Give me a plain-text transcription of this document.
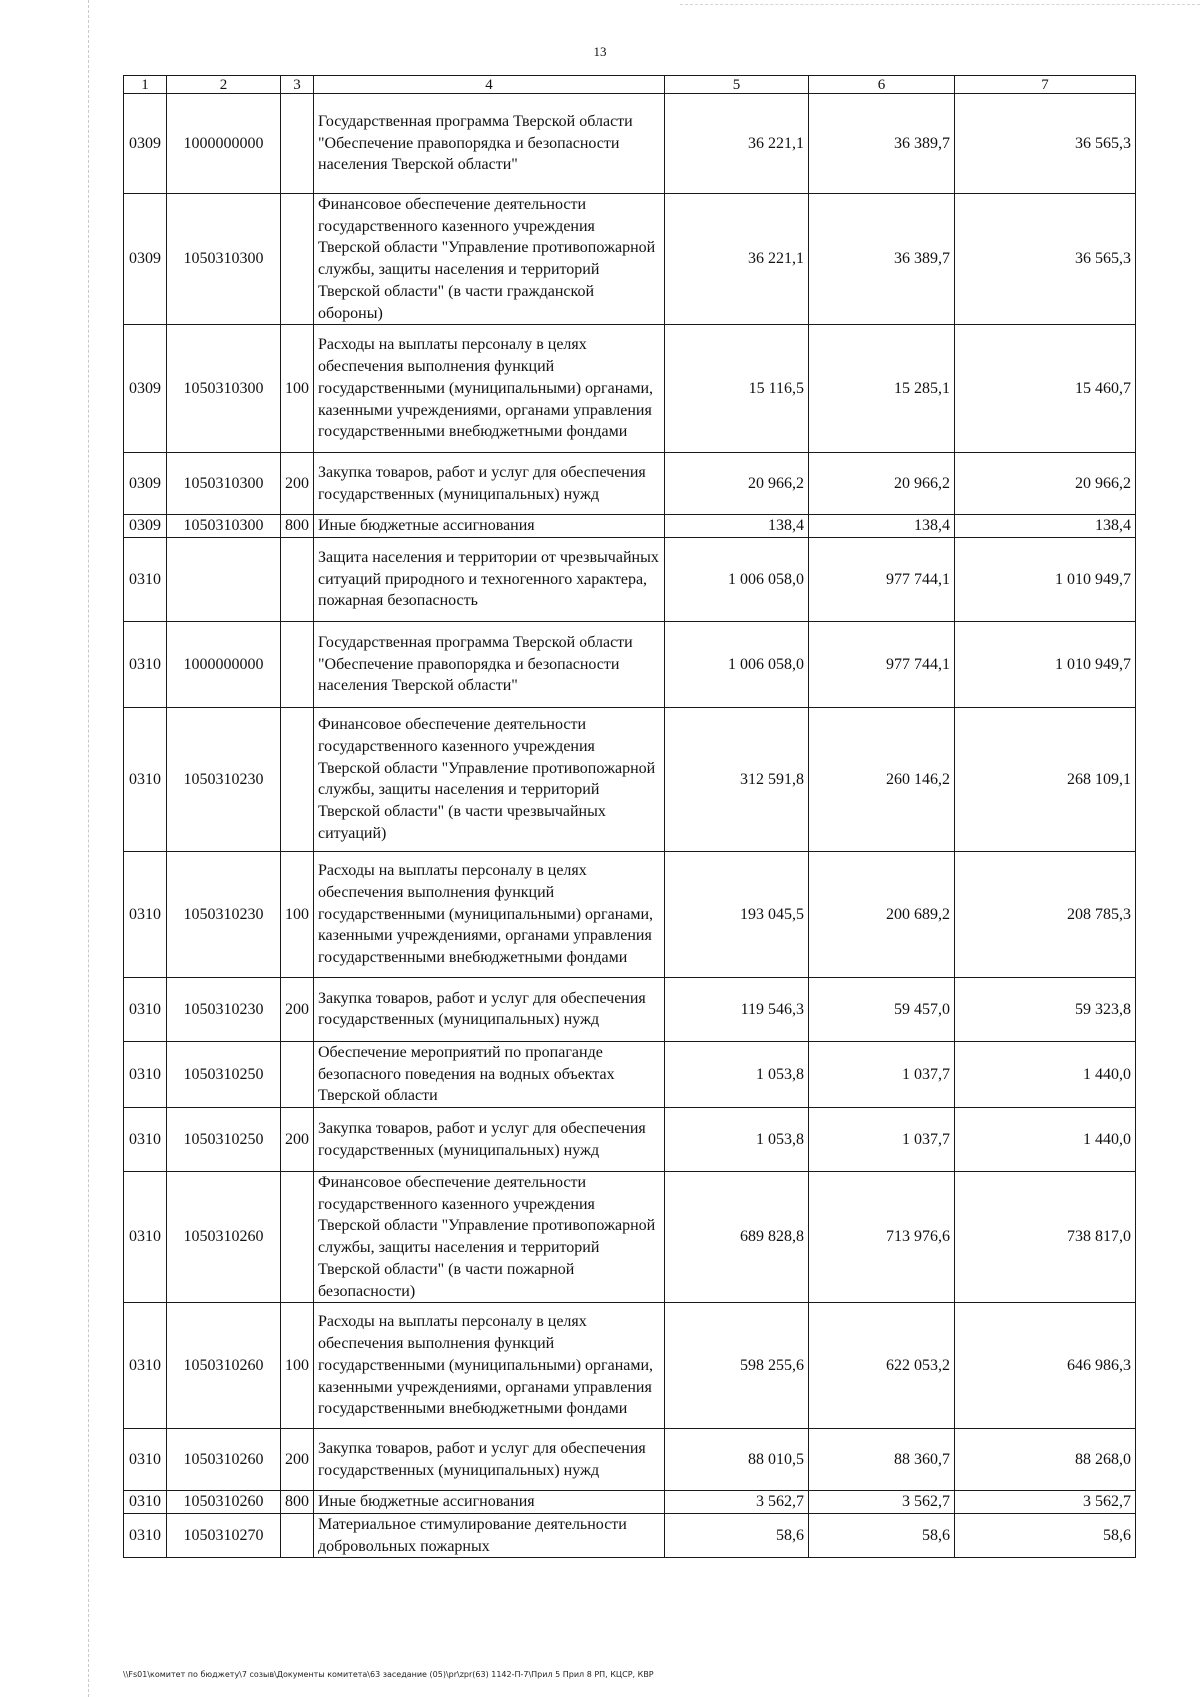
13
1	2	3	4	5	6	7
0309	1000000000		Государственная программа Тверской области "Обеспечение правопорядка и безопасности населения Тверской области"	36 221,1	36 389,7	36 565,3
0309	1050310300		Финансовое обеспечение деятельности государственного казенного учреждения Тверской области "Управление противопожарной службы, защиты населения и территорий Тверской области" (в части гражданской обороны)	36 221,1	36 389,7	36 565,3
0309	1050310300	100	Расходы на выплаты персоналу в целях обеспечения выполнения функций государственными (муниципальными) органами, казенными учреждениями, органами управления государственными внебюджетными фондами	15 116,5	15 285,1	15 460,7
0309	1050310300	200	Закупка товаров, работ и услуг для обеспечения государственных (муниципальных) нужд	20 966,2	20 966,2	20 966,2
0309	1050310300	800	Иные бюджетные ассигнования	138,4	138,4	138,4
0310			Защита населения и территории от чрезвычайных ситуаций природного и техногенного характера, пожарная безопасность	1 006 058,0	977 744,1	1 010 949,7
0310	1000000000		Государственная программа Тверской области "Обеспечение правопорядка и безопасности населения Тверской области"	1 006 058,0	977 744,1	1 010 949,7
0310	1050310230		Финансовое обеспечение деятельности государственного казенного учреждения Тверской области "Управление противопожарной службы, защиты населения и территорий Тверской области" (в части чрезвычайных ситуаций)	312 591,8	260 146,2	268 109,1
0310	1050310230	100	Расходы на выплаты персоналу в целях обеспечения выполнения функций государственными (муниципальными) органами, казенными учреждениями, органами управления государственными внебюджетными фондами	193 045,5	200 689,2	208 785,3
0310	1050310230	200	Закупка товаров, работ и услуг для обеспечения государственных (муниципальных) нужд	119 546,3	59 457,0	59 323,8
0310	1050310250		Обеспечение мероприятий по пропаганде безопасного поведения на водных объектах Тверской области	1 053,8	1 037,7	1 440,0
0310	1050310250	200	Закупка товаров, работ и услуг для обеспечения государственных (муниципальных) нужд	1 053,8	1 037,7	1 440,0
0310	1050310260		Финансовое обеспечение деятельности государственного казенного учреждения Тверской области "Управление противопожарной службы, защиты населения и территорий Тверской области" (в части пожарной безопасности)	689 828,8	713 976,6	738 817,0
0310	1050310260	100	Расходы на выплаты персоналу в целях обеспечения выполнения функций государственными (муниципальными) органами, казенными учреждениями, органами управления государственными внебюджетными фондами	598 255,6	622 053,2	646 986,3
0310	1050310260	200	Закупка товаров, работ и услуг для обеспечения государственных (муниципальных) нужд	88 010,5	88 360,7	88 268,0
0310	1050310260	800	Иные бюджетные ассигнования	3 562,7	3 562,7	3 562,7
0310	1050310270		Материальное стимулирование деятельности добровольных пожарных	58,6	58,6	58,6
\\Fs01\комитет по бюджету\7 созыв\Документы комитета\63 заседание (05)\pr\zpr(63) 1142-П-7\Прил 5 Прил 8 РП, КЦСР, КВР
